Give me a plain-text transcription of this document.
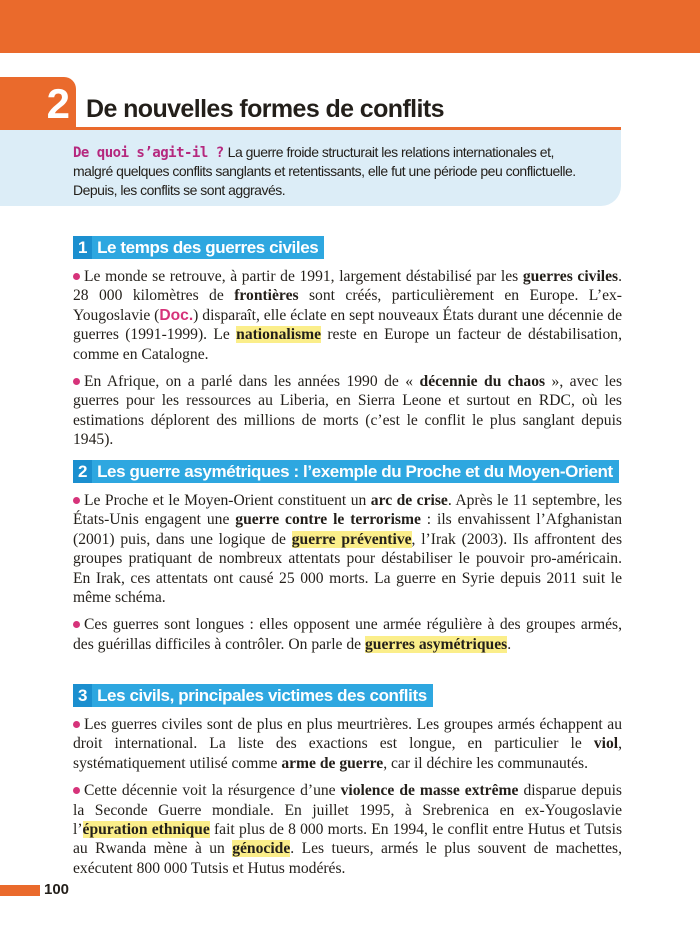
2 De nouvelles formes de conflits

De quoi s’agit-il ? La guerre froide structurait les relations internationales et, malgré quelques conflits sanglants et retentissants, elle fut une période peu conflictuelle. Depuis, les conflits se sont aggravés.

1 Le temps des guerres civiles

Le monde se retrouve, à partir de 1991, largement déstabilisé par les guerres civiles. 28 000 kilomètres de frontières sont créés, particulièrement en Europe. L’ex-Yougoslavie (Doc.) disparaît, elle éclate en sept nouveaux États durant une décennie de guerres (1991-1999). Le nationalisme reste en Europe un facteur de déstabilisation, comme en Catalogne.

En Afrique, on a parlé dans les années 1990 de « décennie du chaos », avec les guerres pour les ressources au Liberia, en Sierra Leone et surtout en RDC, où les estimations déplorent des millions de morts (c’est le conflit le plus sanglant depuis 1945).

2 Les guerre asymétriques : l’exemple du Proche et du Moyen-Orient

Le Proche et le Moyen-Orient constituent un arc de crise. Après le 11 septembre, les États-Unis engagent une guerre contre le terrorisme : ils envahissent l’Afghanistan (2001) puis, dans une logique de guerre préventive, l’Irak (2003). Ils affrontent des groupes pratiquant de nombreux attentats pour déstabiliser le pouvoir pro-américain. En Irak, ces attentats ont causé 25 000 morts. La guerre en Syrie depuis 2011 suit le même schéma.

Ces guerres sont longues : elles opposent une armée régulière à des groupes armés, des guérillas difficiles à contrôler. On parle de guerres asymétriques.

3 Les civils, principales victimes des conflits

Les guerres civiles sont de plus en plus meurtrières. Les groupes armés échappent au droit international. La liste des exactions est longue, en particulier le viol, systématiquement utilisé comme arme de guerre, car il déchire les communautés.

Cette décennie voit la résurgence d’une violence de masse extrême disparue depuis la Seconde Guerre mondiale. En juillet 1995, à Srebrenica en ex-Yougoslavie l’épuration ethnique fait plus de 8 000 morts. En 1994, le conflit entre Hutus et Tutsis au Rwanda mène à un génocide. Les tueurs, armés le plus souvent de machettes, exécutent 800 000 Tutsis et Hutus modérés.

100
